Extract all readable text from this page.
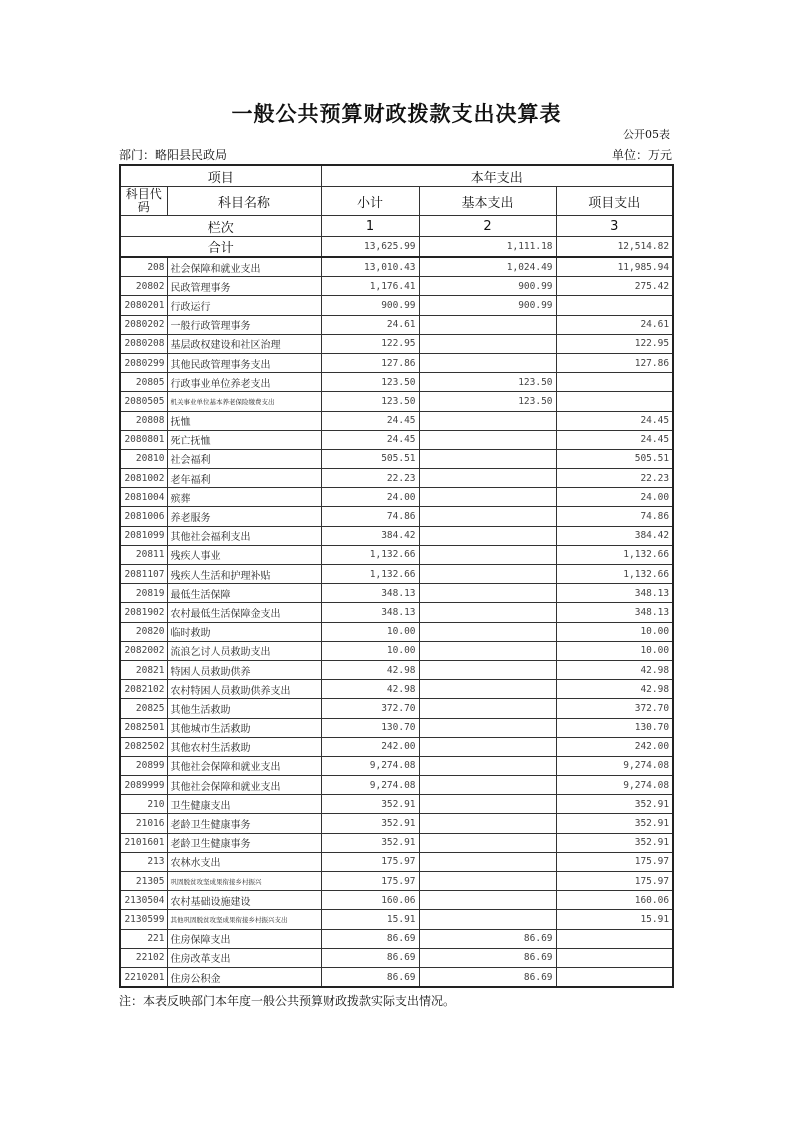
一般公共预算财政拨款支出决算表
公开05表
部门：略阳县民政局	单位：万元
项目		本年支出		
科目代码	科目名称	小计	基本支出	项目支出
栏次		1	2	3
合计		13,625.99	1,111.18	12,514.82
208	社会保障和就业支出	13,010.43	1,024.49	11,985.94
20802	民政管理事务	1,176.41	900.99	275.42
2080201	行政运行	900.99	900.99	
2080202	一般行政管理事务	24.61		24.61
2080208	基层政权建设和社区治理	122.95		122.95
2080299	其他民政管理事务支出	127.86		127.86
20805	行政事业单位养老支出	123.50	123.50	
2080505	机关事业单位基本养老保险缴费支出	123.50	123.50	
20808	抚恤	24.45		24.45
2080801	死亡抚恤	24.45		24.45
20810	社会福利	505.51		505.51
2081002	老年福利	22.23		22.23
2081004	殡葬	24.00		24.00
2081006	养老服务	74.86		74.86
2081099	其他社会福利支出	384.42		384.42
20811	残疾人事业	1,132.66		1,132.66
2081107	残疾人生活和护理补贴	1,132.66		1,132.66
20819	最低生活保障	348.13		348.13
2081902	农村最低生活保障金支出	348.13		348.13
20820	临时救助	10.00		10.00
2082002	流浪乞讨人员救助支出	10.00		10.00
20821	特困人员救助供养	42.98		42.98
2082102	农村特困人员救助供养支出	42.98		42.98
20825	其他生活救助	372.70		372.70
2082501	其他城市生活救助	130.70		130.70
2082502	其他农村生活救助	242.00		242.00
20899	其他社会保障和就业支出	9,274.08		9,274.08
2089999	其他社会保障和就业支出	9,274.08		9,274.08
210	卫生健康支出	352.91		352.91
21016	老龄卫生健康事务	352.91		352.91
2101601	老龄卫生健康事务	352.91		352.91
213	农林水支出	175.97		175.97
21305	巩固脱贫攻坚成果衔接乡村振兴	175.97		175.97
2130504	农村基础设施建设	160.06		160.06
2130599	其他巩固脱贫攻坚成果衔接乡村振兴支出	15.91		15.91
221	住房保障支出	86.69	86.69	
22102	住房改革支出	86.69	86.69	
2210201	住房公积金	86.69	86.69	
注：本表反映部门本年度一般公共预算财政拨款实际支出情况。
